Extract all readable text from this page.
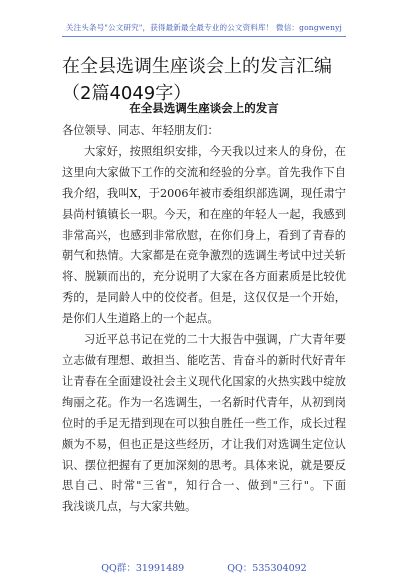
关注头条号"公文研究"，获得最新最全最专业的公文资料库！ 微信：gongwenyj
在全县选调生座谈会上的发言汇编（2篇4049字）
在全县选调生座谈会上的发言

各位领导、同志、年轻朋友们：

大家好，按照组织安排，今天我以过来人的身份，在
这里向大家做下工作的交流和经验的分享。首先我作下自
我介绍，我叫X，于2006年被市委组织部选调，现任肃宁
县尚村镇镇长一职。今天，和在座的年轻人一起，我感到
非常高兴，也感到非常欣慰，在你们身上，看到了青春的
朝气和热情。大家都是在竞争激烈的选调生考试中过关斩
将、脱颖而出的，充分说明了大家在各方面素质是比较优
秀的，是同龄人中的佼佼者。但是，这仅仅是一个开始，
是你们人生道路上的一个起点。

习近平总书记在党的二十大报告中强调，广大青年要
立志做有理想、敢担当、能吃苦、肯奋斗的新时代好青年
让青春在全面建设社会主义现代化国家的火热实践中绽放
绚丽之花。作为一名选调生，一名新时代青年，从初到岗
位时的手足无措到现在可以独自胜任一些工作，成长过程
颇为不易，但也正是这些经历，才让我们对选调生定位认
识、摆位把握有了更加深刻的思考。具体来说，就是要反
思自己、时常"三省"，知行合一、做到"三行"。下面
我浅谈几点，与大家共勉。

QQ群：31991489	QQ：535304092
